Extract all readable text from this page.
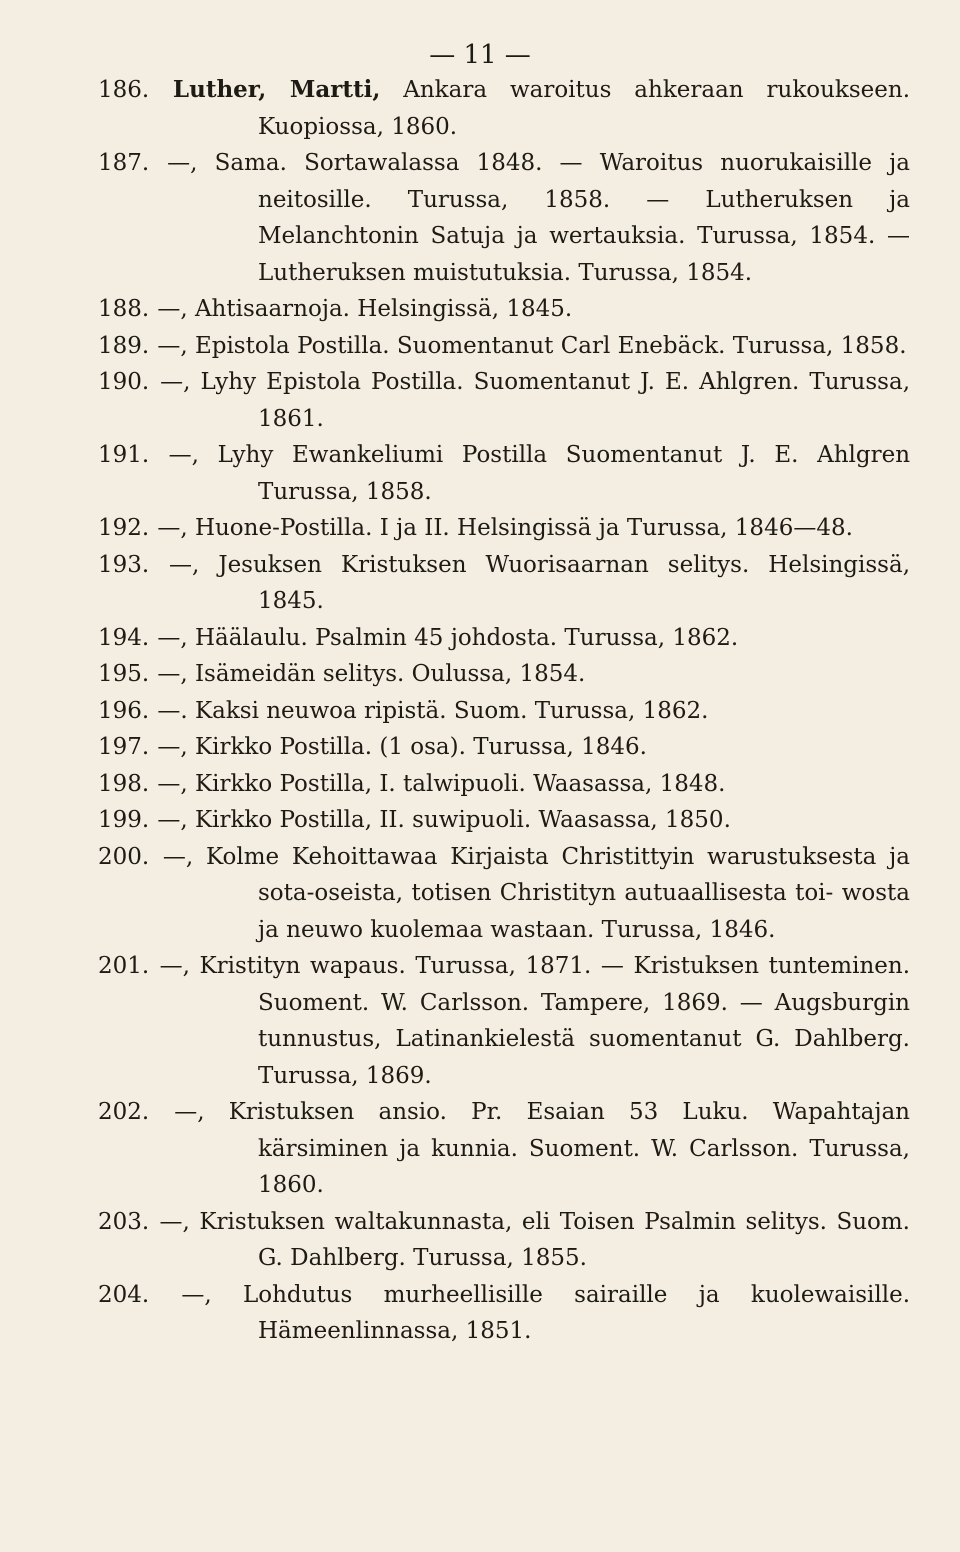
— 11 —
186. Luther, Martti, Ankara waroitus ahkeraan rukoukseen. Kuopiossa, 1860.
187. —, Sama. Sortawalassa 1848. — Waroitus nuorukaisille ja neitosille. Turussa, 1858. — Lutheruksen ja Melanchtonin Satuja ja wertauksia. Turussa, 1854. — Lutheruksen muistutuksia. Turussa, 1854.
188. —, Ahtisaarnoja. Helsingissä, 1845.
189. —, Epistola Postilla. Suomentanut Carl Enebäck. Turussa, 1858.
190. —, Lyhy Epistola Postilla. Suomentanut J. E. Ahlgren. Turussa, 1861.
191. —, Lyhy Ewankeliumi Postilla Suomentanut J. E. Ahlgren Turussa, 1858.
192. —, Huone-Postilla. I ja II. Helsingissä ja Turussa, 1846—48.
193. —, Jesuksen Kristuksen Wuorisaarnan selitys. Helsingissä, 1845.
194. —, Häälaulu. Psalmin 45 johdosta. Turussa, 1862.
195. —, Isämeidän selitys. Oulussa, 1854.
196. —. Kaksi neuwoa ripistä. Suom. Turussa, 1862.
197. —, Kirkko Postilla. (1 osa). Turussa, 1846.
198. —, Kirkko Postilla, I. talwipuoli. Waasassa, 1848.
199. —, Kirkko Postilla, II. suwipuoli. Waasassa, 1850.
200. —, Kolme Kehoittawaa Kirjaista Christittyin warustuksesta ja sota-oseista, totisen Christityn autuaallisesta toi- wosta ja neuwo kuolemaa wastaan. Turussa, 1846.
201. —, Kristityn wapaus. Turussa, 1871. — Kristuksen tunteminen. Suoment. W. Carlsson. Tampere, 1869. — Augsburgin tunnustus, Latinankielestä suomentanut G. Dahlberg. Turussa, 1869.
202. —, Kristuksen ansio. Pr. Esaian 53 Luku. Wapahtajan kärsiminen ja kunnia. Suoment. W. Carlsson. Turussa, 1860.
203. —, Kristuksen waltakunnasta, eli Toisen Psalmin selitys. Suom. G. Dahlberg. Turussa, 1855.
204. —, Lohdutus murheellisille sairaille ja kuolewaisille. Hämeenlinnassa, 1851.
